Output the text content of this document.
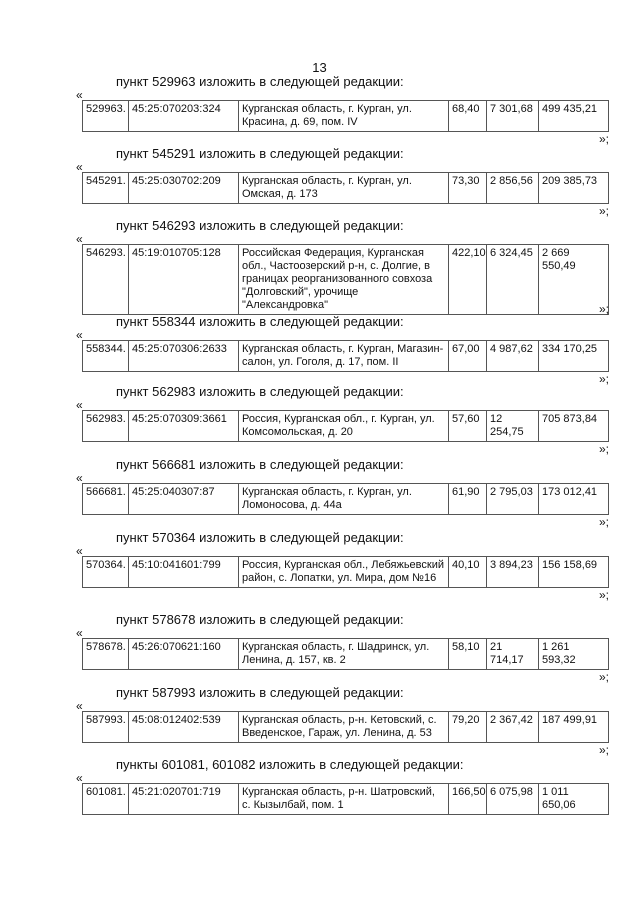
13
пункт 529963 изложить в следующей редакции:
«
529963.	45:25:070203:324	Курганская область, г. Курган, ул. Красина, д. 69, пом. IV	68,40	7 301,68	499 435,21
»;
пункт 545291 изложить в следующей редакции:
«
545291.	45:25:030702:209	Курганская область, г. Курган, ул. Омская, д. 173	73,30	2 856,56	209 385,73
»;
пункт 546293 изложить в следующей редакции:
«
546293.	45:19:010705:128	Российская Федерация, Курганская обл., Частоозерский р-н, с. Долгие, в границах реорганизованного совхоза "Долговский", урочище "Александровка"	422,10	6 324,45	2 669 550,49
»;
пункт 558344 изложить в следующей редакции:
«
558344.	45:25:070306:2633	Курганская область, г. Курган, Магазин-салон, ул. Гоголя, д. 17, пом. II	67,00	4 987,62	334 170,25
»;
пункт 562983 изложить в следующей редакции:
«
562983.	45:25:070309:3661	Россия, Курганская обл., г. Курган, ул. Комсомольская, д. 20	57,60	12 254,75	705 873,84
»;
пункт 566681 изложить в следующей редакции:
«
566681.	45:25:040307:87	Курганская область, г. Курган, ул. Ломоносова, д. 44а	61,90	2 795,03	173 012,41
»;
пункт 570364 изложить в следующей редакции:
«
570364.	45:10:041601:799	Россия, Курганская обл., Лебяжьевский район, с. Лопатки, ул. Мира, дом №16	40,10	3 894,23	156 158,69
»;
пункт 578678 изложить в следующей редакции:
«
578678.	45:26:070621:160	Курганская область, г. Шадринск, ул. Ленина, д. 157, кв. 2	58,10	21 714,17	1 261 593,32
»;
пункт 587993 изложить в следующей редакции:
«
587993.	45:08:012402:539	Курганская область, р-н. Кетовский, с. Введенское, Гараж, ул. Ленина, д. 53	79,20	2 367,42	187 499,91
»;
пункты 601081, 601082 изложить в следующей редакции:
«
601081.	45:21:020701:719	Курганская область, р-н. Шатровский, с. Кызылбай, пом. 1	166,50	6 075,98	1 011 650,06
